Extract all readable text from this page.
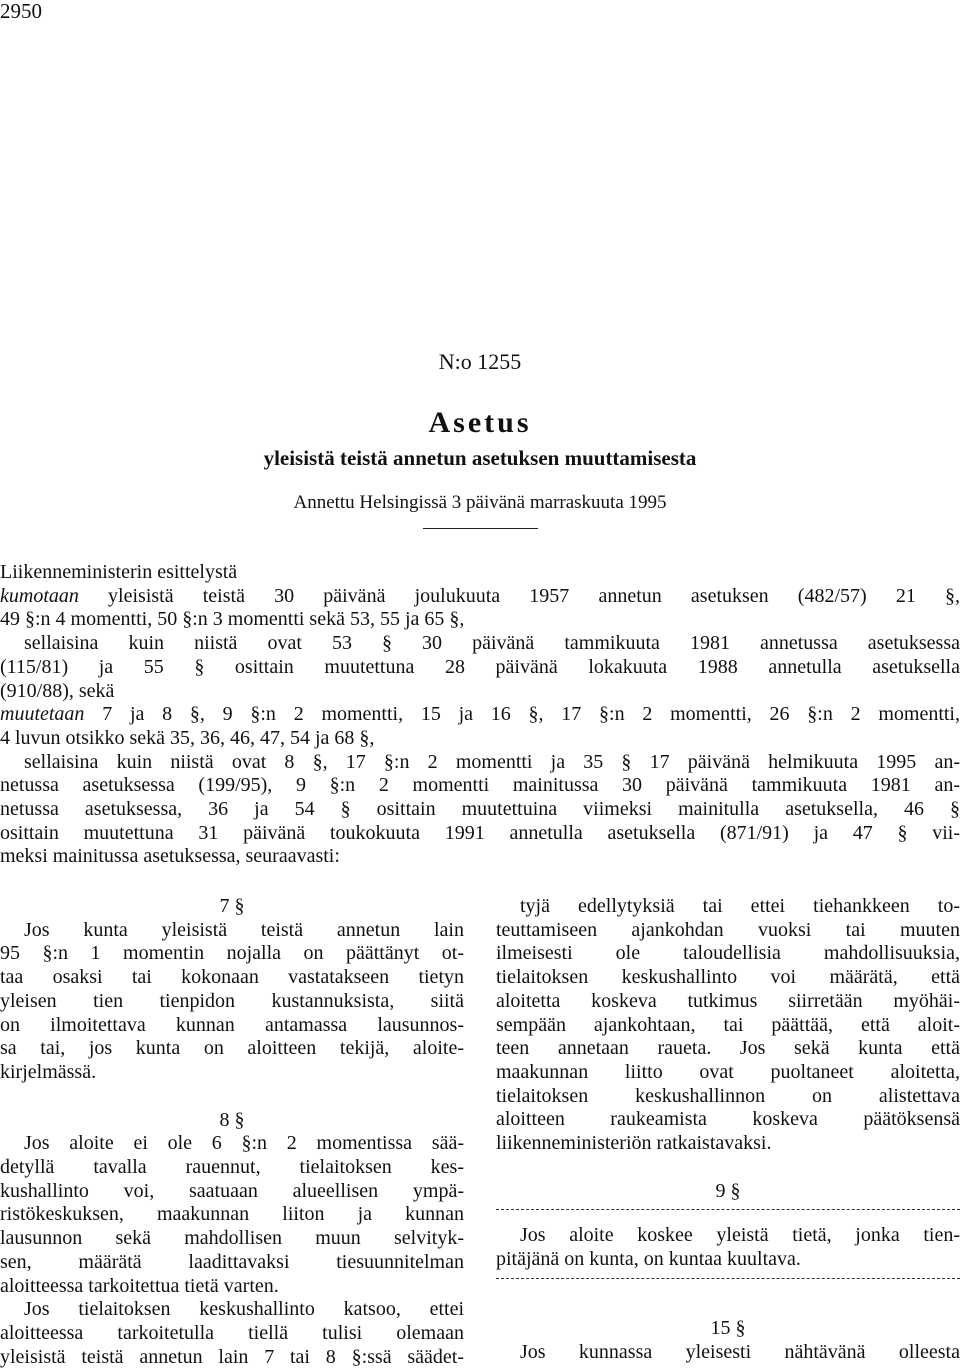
2950
N:o 1255
Asetus
yleisistä teistä annetun asetuksen muuttamisesta
Annettu Helsingissä 3 päivänä marraskuuta 1995
Liikenneministerin esittelystä
kumotaan yleisistä teistä 30 päivänä joulukuuta 1957 annetun asetuksen (482/57) 21 §,
49 §:n 4 momentti, 50 §:n 3 momentti sekä 53, 55 ja 65 §,
sellaisina kuin niistä ovat 53 § 30 päivänä tammikuuta 1981 annetussa asetuksessa
(115/81) ja 55 § osittain muutettuna 28 päivänä lokakuuta 1988 annetulla asetuksella
(910/88), sekä
muutetaan 7 ja 8 §, 9 §:n 2 momentti, 15 ja 16 §, 17 §:n 2 momentti, 26 §:n 2 momentti,
4 luvun otsikko sekä 35, 36, 46, 47, 54 ja 68 §,
sellaisina kuin niistä ovat 8 §, 17 §:n 2 momentti ja 35 § 17 päivänä helmikuuta 1995 an-
netussa asetuksessa (199/95), 9 §:n 2 momentti mainitussa 30 päivänä tammikuuta 1981 an-
netussa asetuksessa, 36 ja 54 § osittain muutettuina viimeksi mainitulla asetuksella, 46 §
osittain muutettuna 31 päivänä toukokuuta 1991 annetulla asetuksella (871/91) ja 47 § vii-
meksi mainitussa asetuksessa, seuraavasti:
7 §
Jos kunta yleisistä teistä annetun lain
95 §:n 1 momentin nojalla on päättänyt ot-
taa osaksi tai kokonaan vastatakseen tietyn
yleisen tien tienpidon kustannuksista, siitä
on ilmoitettava kunnan antamassa lausunnos-
sa tai, jos kunta on aloitteen tekijä, aloite-
kirjelmässä.
8 §
Jos aloite ei ole 6 §:n 2 momentissa sää-
detyllä tavalla rauennut, tielaitoksen kes-
kushallinto voi, saatuaan alueellisen ympä-
ristökeskuksen, maakunnan liiton ja kunnan
lausunnon sekä mahdollisen muun selvityk-
sen, määrätä laadittavaksi tiesuunnitelman
aloitteessa tarkoitettua tietä varten.
Jos tielaitoksen keskushallinto katsoo, ettei
aloitteessa tarkoitetulla tiellä tulisi olemaan
yleisistä teistä annetun lain 7 tai 8 §:ssä säädet-
tyjä edellytyksiä tai ettei tiehankkeen to-
teuttamiseen ajankohdan vuoksi tai muuten
ilmeisesti ole taloudellisia mahdollisuuksia,
tielaitoksen keskushallinto voi määrätä, että
aloitetta koskeva tutkimus siirretään myöhäi-
sempään ajankohtaan, tai päättää, että aloit-
teen annetaan raueta. Jos sekä kunta että
maakunnan liitto ovat puoltaneet aloitetta,
tielaitoksen keskushallinnon on alistettava
aloitteen raukeamista koskeva päätöksensä
liikenneministeriön ratkaistavaksi.
9 §
Jos aloite koskee yleistä tietä, jonka tien-
pitäjänä on kunta, on kuntaa kuultava.
15 §
Jos kunnassa yleisesti nähtävänä olleesta
